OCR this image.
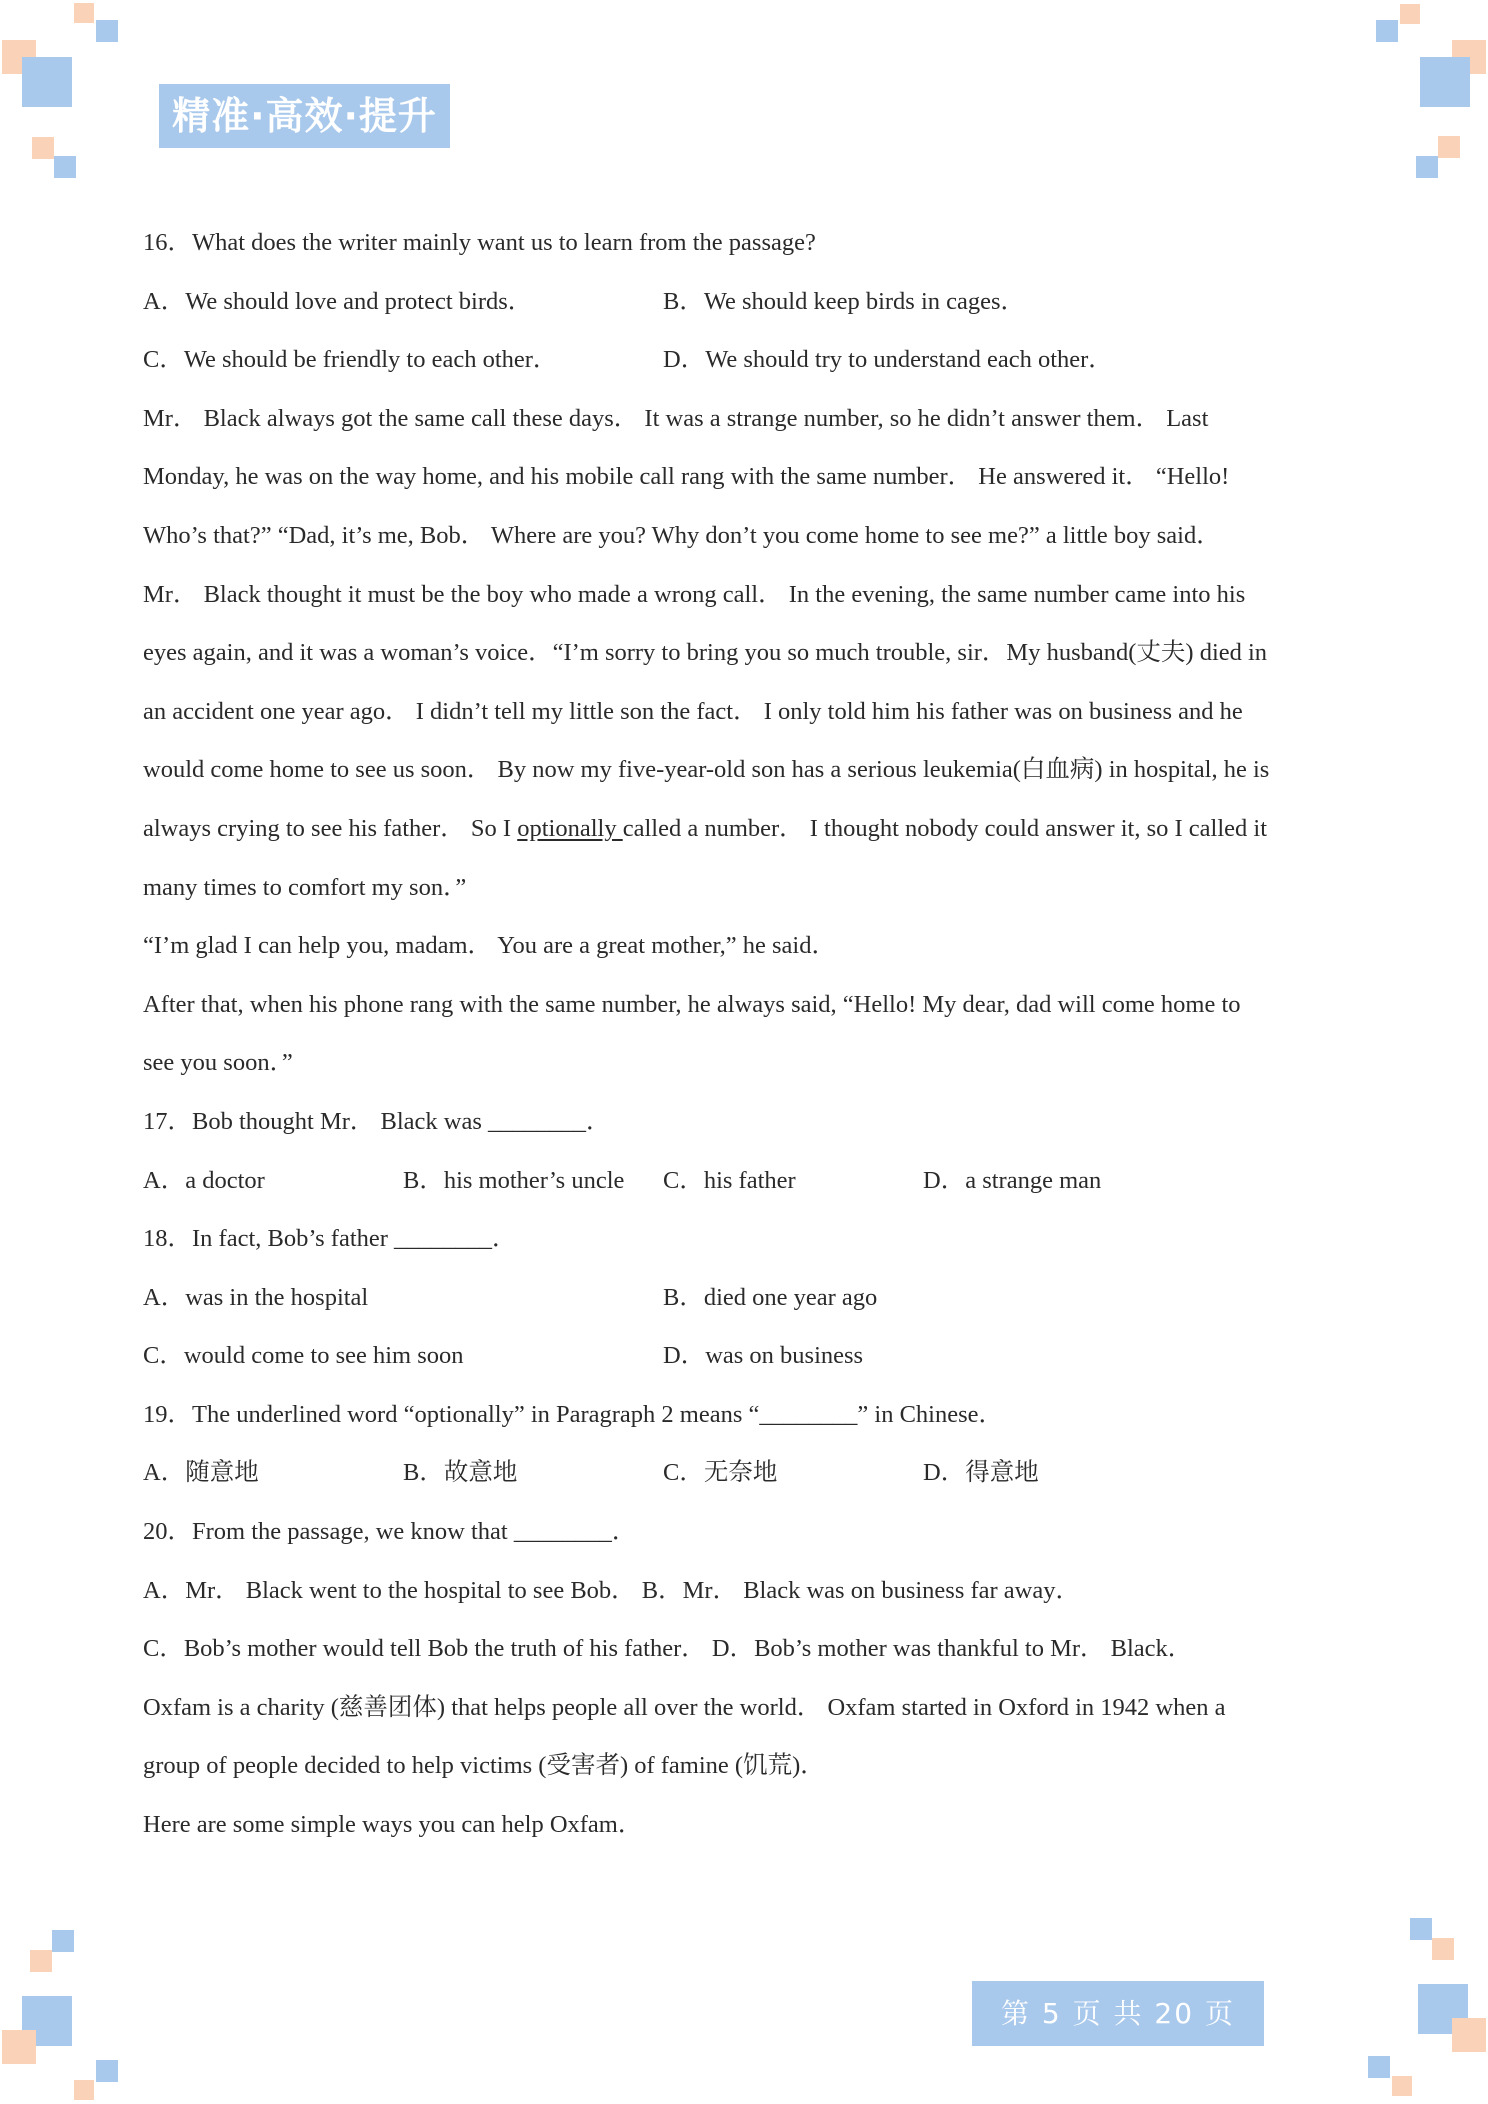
精准·高效·提升
16．What does the writer mainly want us to learn from the passage?
A．We should love and protect birds．	B．We should keep birds in cages．
C．We should be friendly to each other．	D．We should try to understand each other．
Mr． Black always got the same call these days． It was a strange number, so he didn’t answer them． Last
Monday, he was on the way home, and his mobile call rang with the same number． He answered it． “Hello!
Who’s that?” “Dad, it’s me, Bob． Where are you? Why don’t you come home to see me?” a little boy said．
Mr． Black thought it must be the boy who made a wrong call． In the evening, the same number came into his
eyes again, and it was a woman’s voice．“I’m sorry to bring you so much trouble, sir．My husband(丈夫) died in
an accident one year ago． I didn’t tell my little son the fact． I only told him his father was on business and he
would come home to see us soon． By now my five-year-old son has a serious leukemia(白血病) in hospital, he is
always crying to see his father． So I optionally called a number． I thought nobody could answer it, so I called it
many times to comfort my son．”
“I’m glad I can help you, madam． You are a great mother,” he said．
After that, when his phone rang with the same number, he always said, “Hello! My dear, dad will come home to
see you soon．”
17．Bob thought Mr． Black was ________．
A．a doctor	B．his mother’s uncle	C．his father	D．a strange man
18．In fact, Bob’s father ________．
A．was in the hospital	B．died one year ago
C．would come to see him soon	D．was on business
19．The underlined word “optionally” in Paragraph 2 means “________” in Chinese．
A．随意地	B．故意地	C．无奈地	D．得意地
20．From the passage, we know that ________．
A．Mr． Black went to the hospital to see Bob． B．Mr． Black was on business far away．
C．Bob’s mother would tell Bob the truth of his father． D．Bob’s mother was thankful to Mr． Black．
Oxfam is a charity (慈善团体) that helps people all over the world． Oxfam started in Oxford in 1942 when a
group of people decided to help victims (受害者) of famine (饥荒)．
Here are some simple ways you can help Oxfam．
第 5 页 共 20 页
